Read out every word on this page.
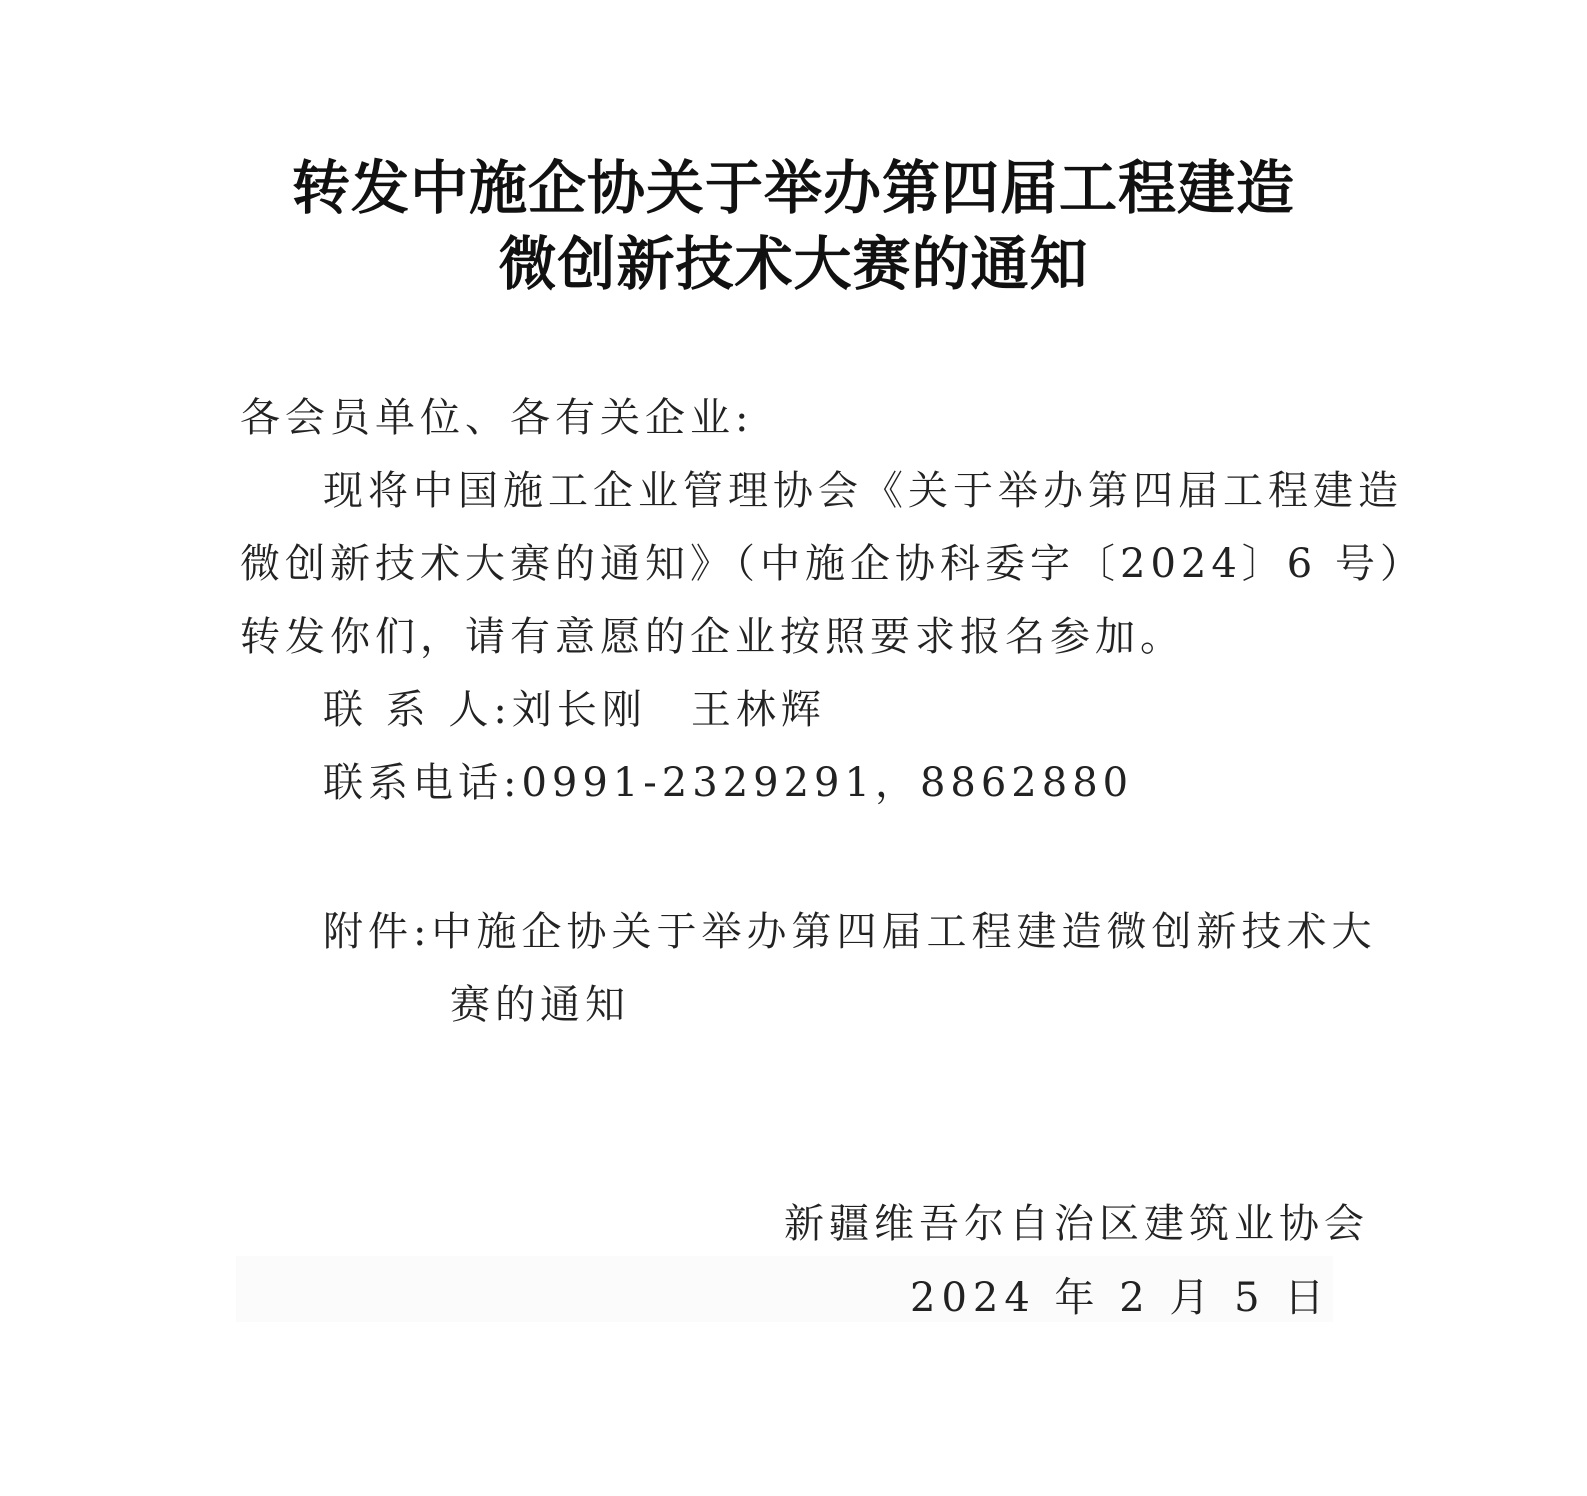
转发中施企协关于举办第四届工程建造
微创新技术大赛的通知
各会员单位、各有关企业:
现将中国施工企业管理协会《关于举办第四届工程建造
微创新技术大赛的通知》（中施企协科委字〔2024〕6 号）
转发你们，请有意愿的企业按照要求报名参加。
联 系 人:刘长刚 王林辉
联系电话:0991-2329291，8862880
附件:中施企协关于举办第四届工程建造微创新技术大
赛的通知
新疆维吾尔自治区建筑业协会
2024 年 2 月 5 日
